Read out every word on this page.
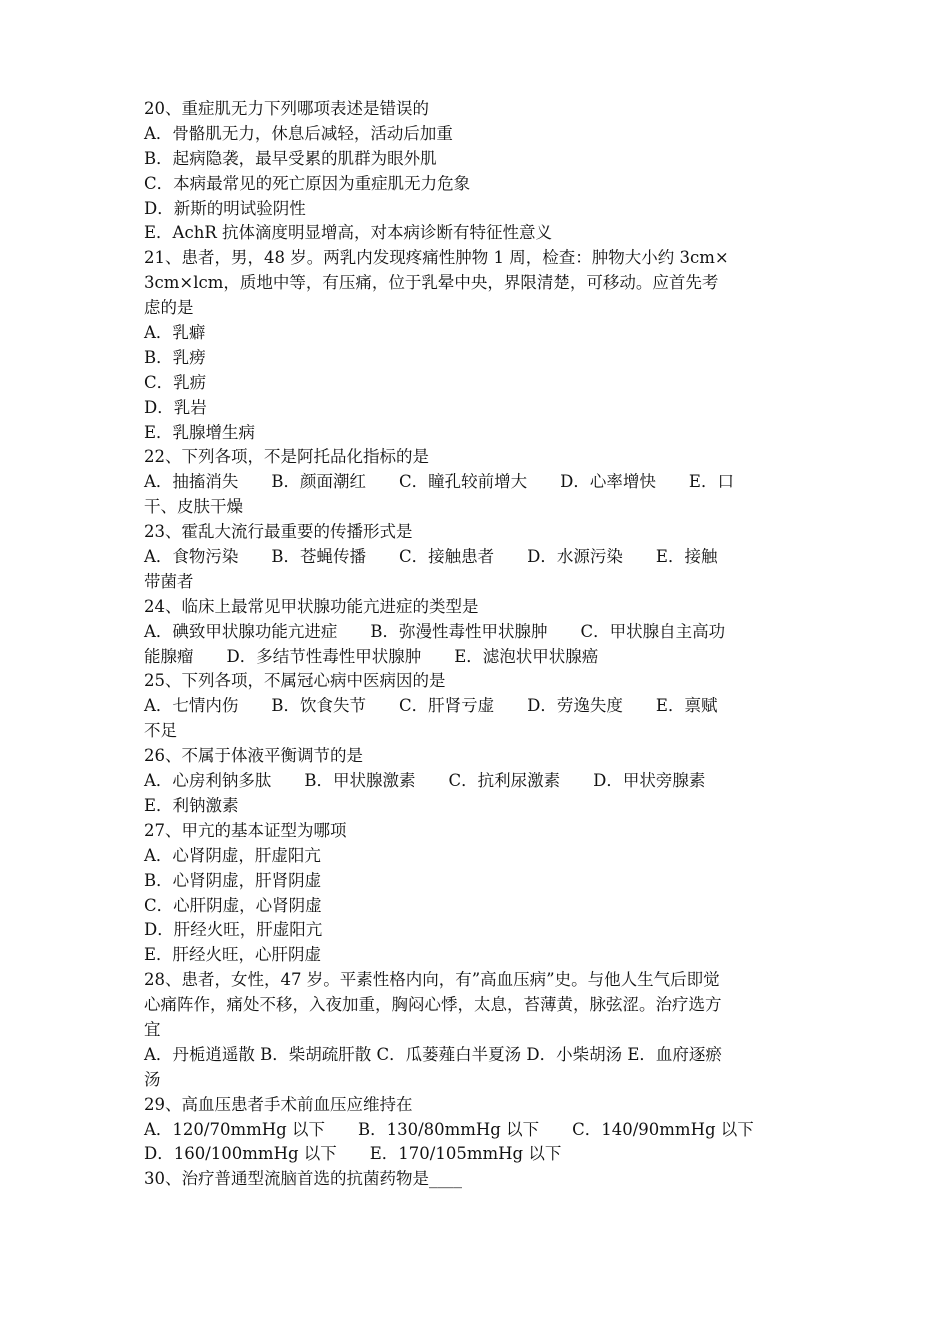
20、重症肌无力下列哪项表述是错误的
A．骨骼肌无力，休息后减轻，活动后加重
B．起病隐袭，最早受累的肌群为眼外肌
C．本病最常见的死亡原因为重症肌无力危象
D．新斯的明试验阴性
E．AchR 抗体滴度明显增高，对本病诊断有特征性意义
21、患者，男，48 岁。两乳内发现疼痛性肿物 1 周，检查：肿物大小约 3cm×
3cm×lcm，质地中等，有压痛，位于乳晕中央，界限清楚，可移动。应首先考
虑的是
A．乳癖
B．乳痨
C．乳疬
D．乳岩
E．乳腺增生病
22、下列各项，不是阿托品化指标的是
A．抽搐消失　　B．颜面潮红　　C．瞳孔较前增大　　D．心率增快　　E．口
干、皮肤干燥
23、霍乱大流行最重要的传播形式是
A．食物污染　　B．苍蝇传播　　C．接触患者　　D．水源污染　　E．接触
带菌者
24、临床上最常见甲状腺功能亢进症的类型是
A．碘致甲状腺功能亢进症　　B．弥漫性毒性甲状腺肿　　C．甲状腺自主高功
能腺瘤　　D．多结节性毒性甲状腺肿　　E．滤泡状甲状腺癌
25、下列各项，不属冠心病中医病因的是
A．七情内伤　　B．饮食失节　　C．肝肾亏虚　　D．劳逸失度　　E．禀赋
不足
26、不属于体液平衡调节的是
A．心房利钠多肽　　B．甲状腺激素　　C．抗利尿激素　　D．甲状旁腺素
E．利钠激素
27、甲亢的基本证型为哪项
A．心肾阴虚，肝虚阳亢
B．心肾阴虚，肝肾阴虚
C．心肝阴虚，心肾阴虚
D．肝经火旺，肝虚阳亢
E．肝经火旺，心肝阴虚
28、患者，女性，47 岁。平素性格内向，有”高血压病”史。与他人生气后即觉
心痛阵作，痛处不移，入夜加重，胸闷心悸，太息，苔薄黄，脉弦涩。治疗选方
宜
A．丹栀逍遥散 B．柴胡疏肝散 C．瓜蒌薤白半夏汤 D．小柴胡汤 E．血府逐瘀
汤
29、高血压患者手术前血压应维持在
A．120/70mmHg 以下　　B．130/80mmHg 以下　　C．140/90mmHg 以下
D．160/100mmHg 以下　　E．170/105mmHg 以下
30、治疗普通型流脑首选的抗菌药物是____
